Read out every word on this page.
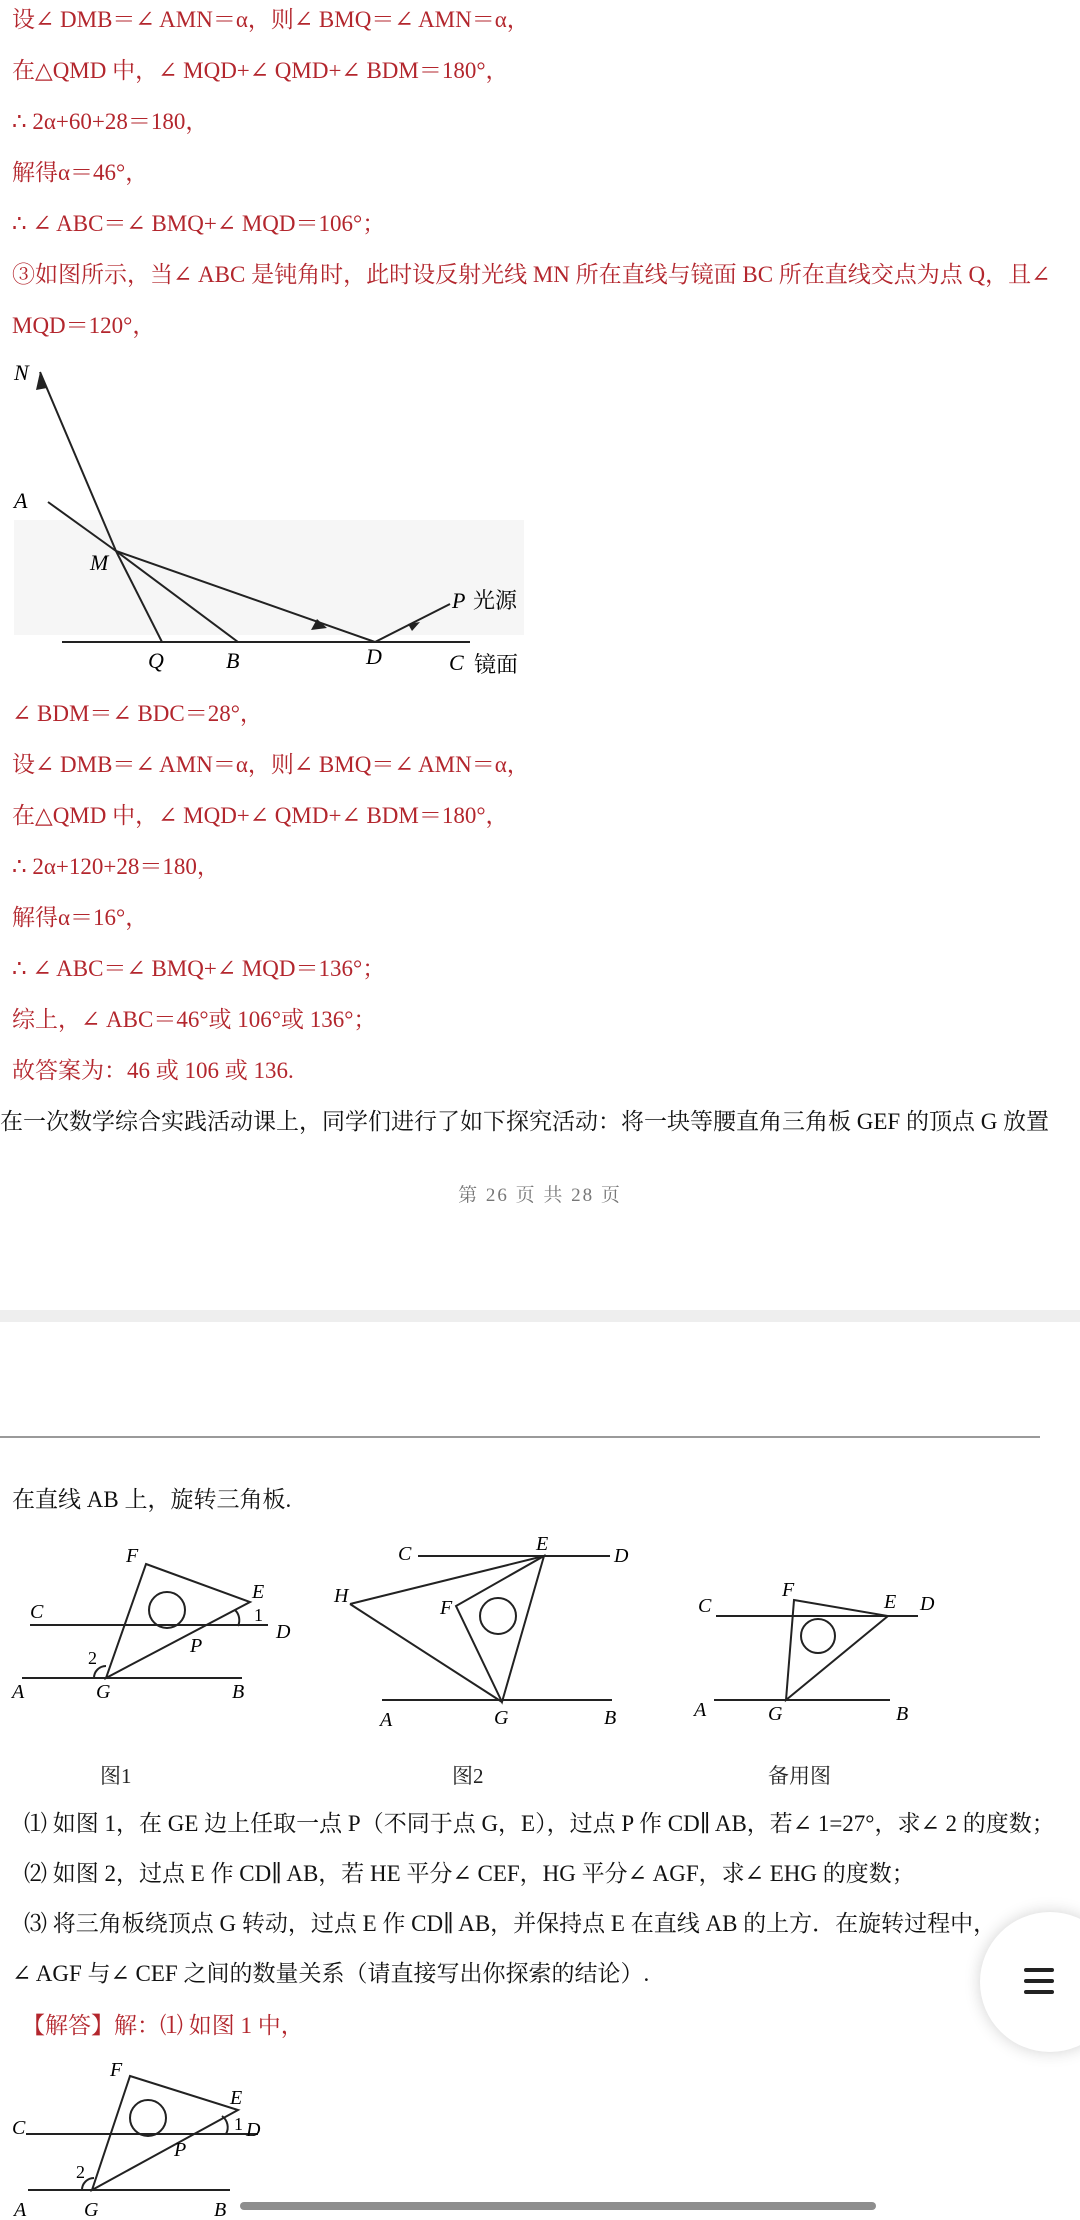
设∠ DMB＝∠ AMN＝α，则∠ BMQ＝∠ AMN＝α，
在△QMD 中，∠ MQD+∠ QMD+∠ BDM＝180°，
∴ 2α+60+28＝180，
解得α＝46°，
∴ ∠ ABC＝∠ BMQ+∠ MQD＝106°；
③如图所示，当∠ ABC 是钝角时，此时设反射光线 MN 所在直线与镜面 BC 所在直线交点为点 Q，且∠
MQD＝120°，
N
A
M
P 光源
Q	B	D	C 镜面
∠ BDM＝∠ BDC＝28°，
设∠ DMB＝∠ AMN＝α，则∠ BMQ＝∠ AMN＝α，
在△QMD 中，∠ MQD+∠ QMD+∠ BDM＝180°，
∴ 2α+120+28＝180，
解得α＝16°，
∴ ∠ ABC＝∠ BMQ+∠ MQD＝136°；
综上，∠ ABC＝46°或 106°或 136°；
故答案为：46 或 106 或 136.
在一次数学综合实践活动课上，同学们进行了如下探究活动：将一块等腰直角三角板 GEF 的顶点 G 放置
第 26 页 共 28 页
在直线 AB 上，旋转三角板.
F
E
C	1
D
2
P
A	G	B
图1
C	E
D
H
F
A	G	B
图2
F
C	E D
A	G	B
备用图
⑴ 如图 1，在 GE 边上任取一点 P（不同于点 G，E），过点 P 作 CD∥ AB，若∠ 1=27°，求∠ 2 的度数；
⑵ 如图 2，过点 E 作 CD∥ AB，若 HE 平分∠ CEF，HG 平分∠ AGF，求∠ EHG 的度数；
⑶ 将三角板绕顶点 G 转动，过点 E 作 CD∥ AB，并保持点 E 在直线 AB 的上方．在旋转过程中，
∠ AGF 与∠ CEF 之间的数量关系（请直接写出你探索的结论）.
【解答】解：⑴ 如图 1 中，
F
E
C	1 D
2
P
A	G	B
